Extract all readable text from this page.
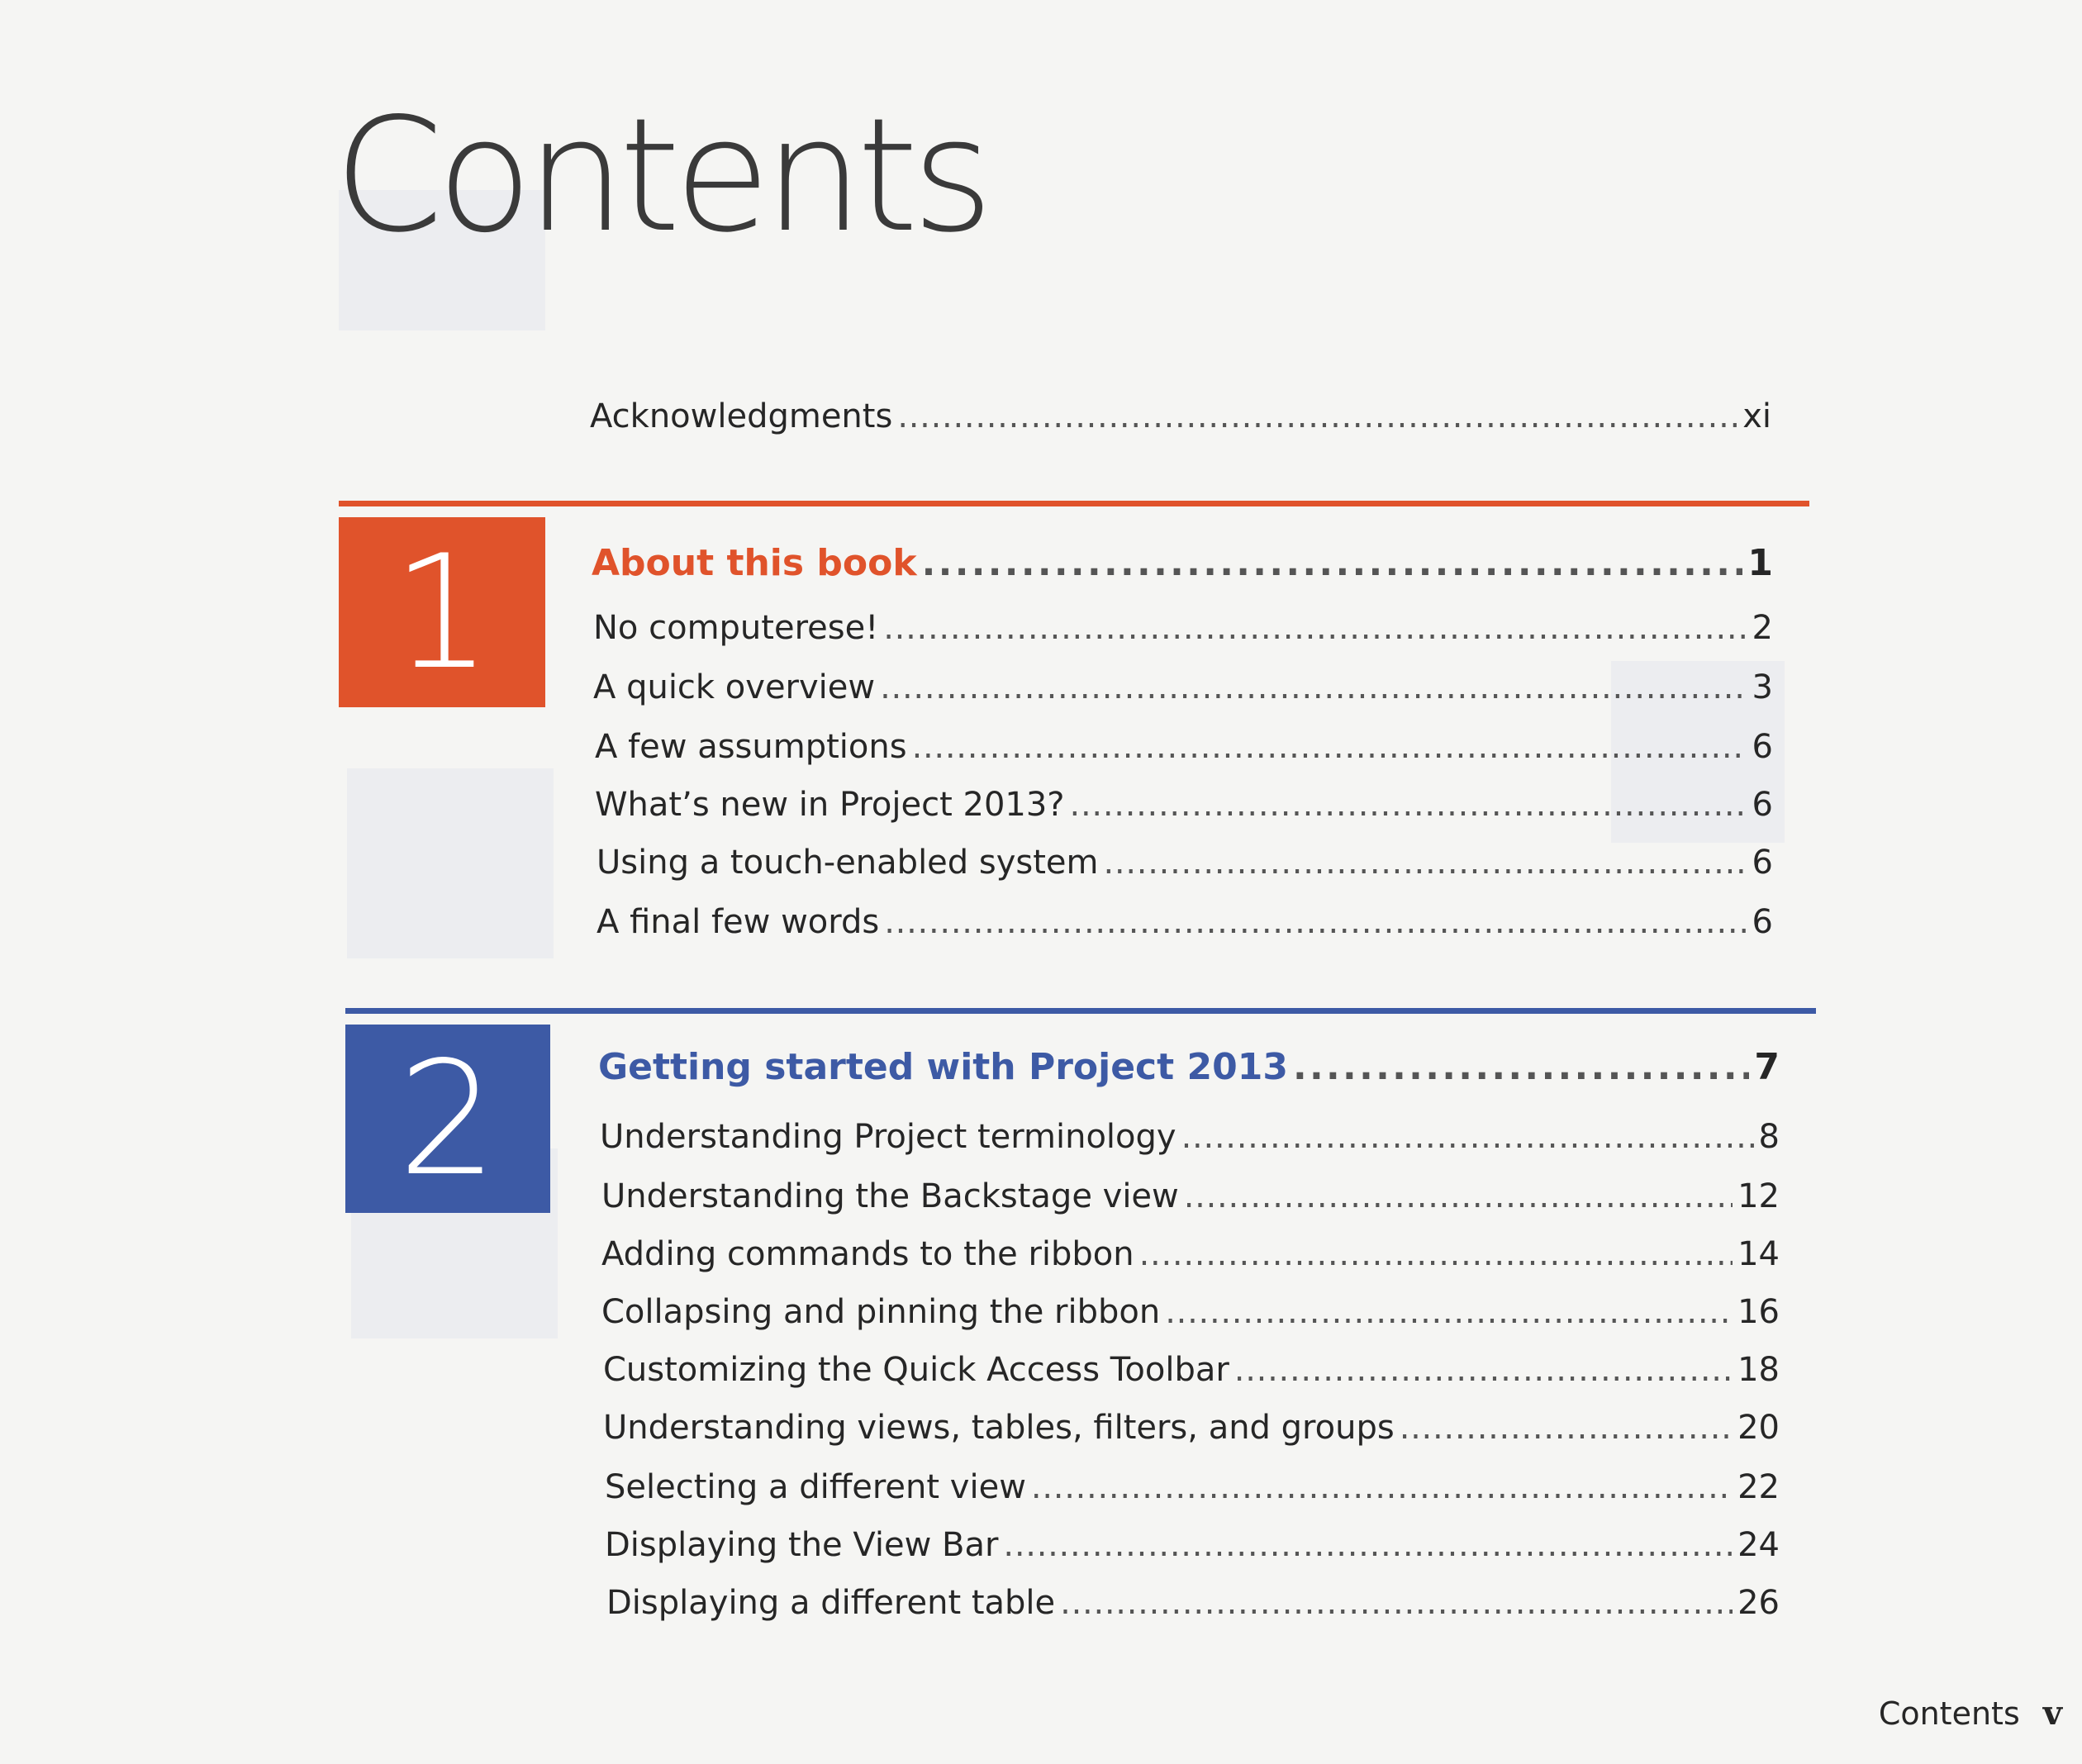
Contents
Acknowledgments . . .	xi
1	About this book . . .	1
No computerese! . . .	2
A quick overview . . .	3
A few assumptions . . .	6
What’s new in Project 2013? . . .	6
Using a touch-enabled system . . .	6
A final few words . . .	6
2	Getting started with Project 2013 . . .	7
Understanding Project terminology . . .	8
Understanding the Backstage view . . .	12
Adding commands to the ribbon . . .	14
Collapsing and pinning the ribbon . . .	16
Customizing the Quick Access Toolbar . . .	18
Understanding views, tables, filters, and groups . . .	20
Selecting a different view . . .	22
Displaying the View Bar . . .	24
Displaying a different table . . .	26
Contents v
